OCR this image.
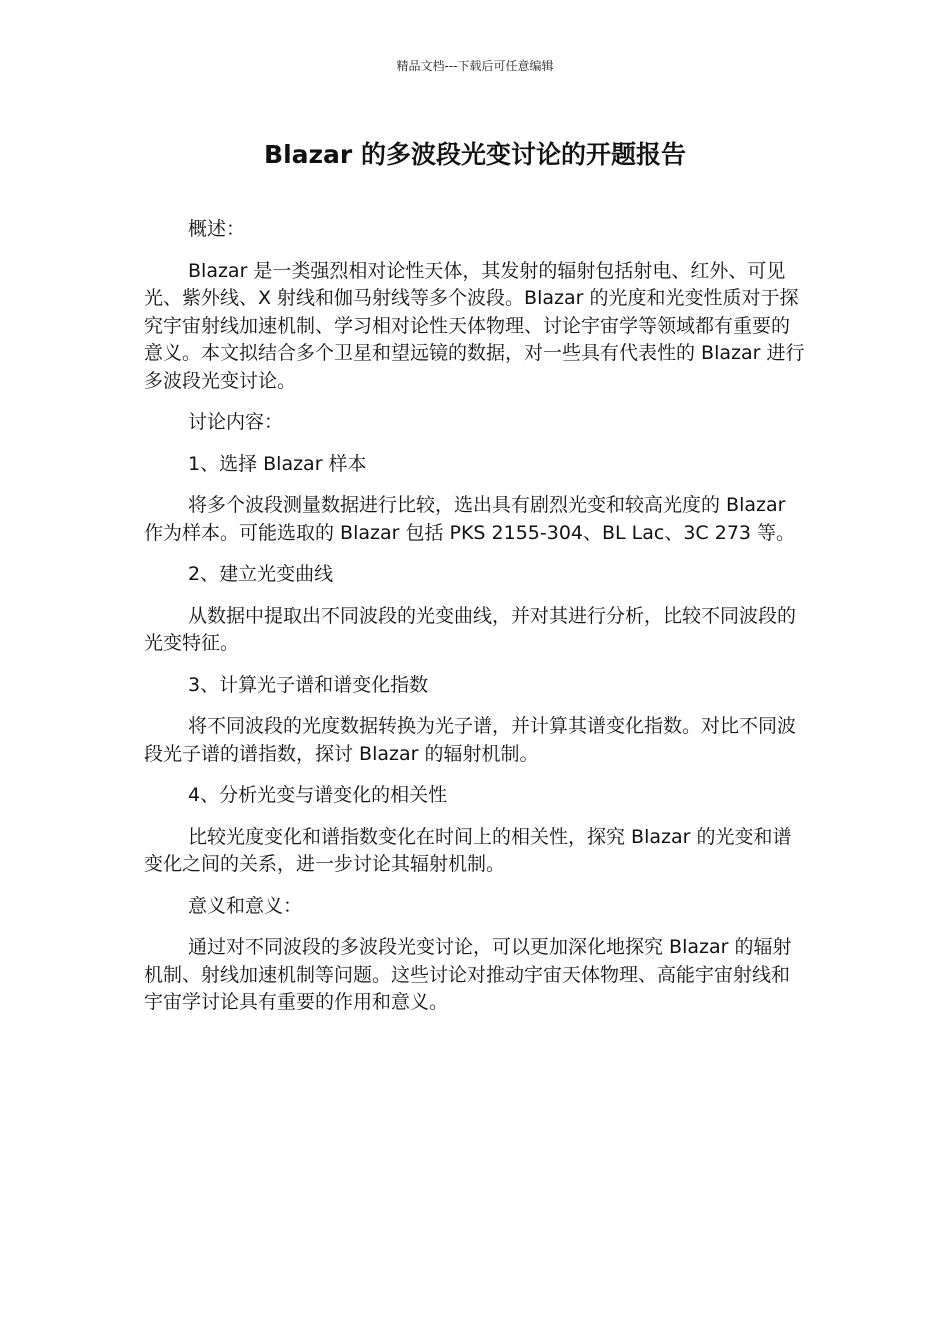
精品文档---下载后可任意编辑
Blazar 的多波段光变讨论的开题报告

概述：

Blazar 是一类强烈相对论性天体，其发射的辐射包括射电、红外、可见光、紫外线、X 射线和伽马射线等多个波段。Blazar 的光度和光变性质对于探究宇宙射线加速机制、学习相对论性天体物理、讨论宇宙学等领域都有重要的意义。本文拟结合多个卫星和望远镜的数据，对一些具有代表性的 Blazar 进行多波段光变讨论。

讨论内容：

1、选择 Blazar 样本

将多个波段测量数据进行比较，选出具有剧烈光变和较高光度的 Blazar 作为样本。可能选取的 Blazar 包括 PKS 2155-304、BL Lac、3C 273 等。

2、建立光变曲线

从数据中提取出不同波段的光变曲线，并对其进行分析，比较不同波段的光变特征。

3、计算光子谱和谱变化指数

将不同波段的光度数据转换为光子谱，并计算其谱变化指数。对比不同波段光子谱的谱指数，探讨 Blazar 的辐射机制。

4、分析光变与谱变化的相关性

比较光度变化和谱指数变化在时间上的相关性，探究 Blazar 的光变和谱变化之间的关系，进一步讨论其辐射机制。

意义和意义：

通过对不同波段的多波段光变讨论，可以更加深化地探究 Blazar 的辐射机制、射线加速机制等问题。这些讨论对推动宇宙天体物理、高能宇宙射线和宇宙学讨论具有重要的作用和意义。
